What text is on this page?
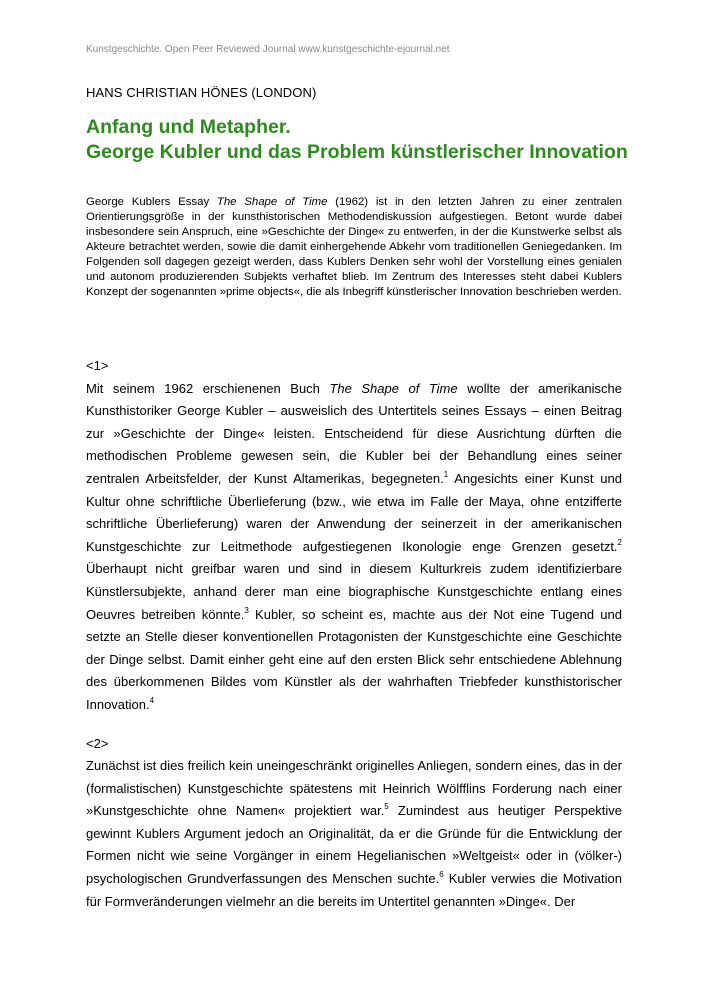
Kunstgeschichte. Open Peer Reviewed Journal www.kunstgeschichte-ejournal.net
HANS CHRISTIAN HÖNES (LONDON)
Anfang und Metapher.
George Kubler und das Problem künstlerischer Innovation
George Kublers Essay The Shape of Time (1962) ist in den letzten Jahren zu einer zentralen Orientierungsgröße in der kunsthistorischen Methodendiskussion aufgestiegen. Betont wurde dabei insbesondere sein Anspruch, eine »Geschichte der Dinge« zu entwerfen, in der die Kunstwerke selbst als Akteure betrachtet werden, sowie die damit einhergehende Abkehr vom traditionellen Geniegedanken. Im Folgenden soll dagegen gezeigt werden, dass Kublers Denken sehr wohl der Vorstellung eines genialen und autonom produzierenden Subjekts verhaftet blieb. Im Zentrum des Interesses steht dabei Kublers Konzept der sogenannten »prime objects«, die als Inbegriff künstlerischer Innovation beschrieben werden.

<1>

Mit seinem 1962 erschienenen Buch The Shape of Time wollte der amerikanische Kunsthistoriker George Kubler – ausweislich des Untertitels seines Essays – einen Beitrag zur »Geschichte der Dinge« leisten. Entscheidend für diese Ausrichtung dürften die methodischen Probleme gewesen sein, die Kubler bei der Behandlung eines seiner zentralen Arbeitsfelder, der Kunst Altamerikas, begegneten.$^1$ Angesichts einer Kunst und Kultur ohne schriftliche Überlieferung (bzw., wie etwa im Falle der Maya, ohne entzifferte schriftliche Überlieferung) waren der Anwendung der seinerzeit in der amerikanischen Kunstgeschichte zur Leitmethode aufgestiegenen Ikonologie enge Grenzen gesetzt.$^2$ Überhaupt nicht greifbar waren und sind in diesem Kulturkreis zudem identifizierbare Künstlersubjekte, anhand derer man eine biographische Kunstgeschichte entlang eines Oeuvres betreiben könnte.$^3$ Kubler, so scheint es, machte aus der Not eine Tugend und setzte an Stelle dieser konventionellen Protagonisten der Kunstgeschichte eine Geschichte der Dinge selbst. Damit einher geht eine auf den ersten Blick sehr entschiedene Ablehnung des überkommenen Bildes vom Künstler als der wahrhaften Triebfeder kunsthistorischer Innovation.$^4$

<2>

Zunächst ist dies freilich kein uneingeschränkt originelles Anliegen, sondern eines, das in der (formalistischen) Kunstgeschichte spätestens mit Heinrich Wölfflins Forderung nach einer »Kunstgeschichte ohne Namen« projektiert war.$^5$ Zumindest aus heutiger Perspektive gewinnt Kublers Argument jedoch an Originalität, da er die Gründe für die Entwicklung der Formen nicht wie seine Vorgänger in einem Hegelianischen »Weltgeist« oder in (völker-) psychologischen Grundverfassungen des Menschen suchte.$^6$ Kubler verwies die Motivation für Formveränderungen vielmehr an die bereits im Untertitel genannten »Dinge«. Der
